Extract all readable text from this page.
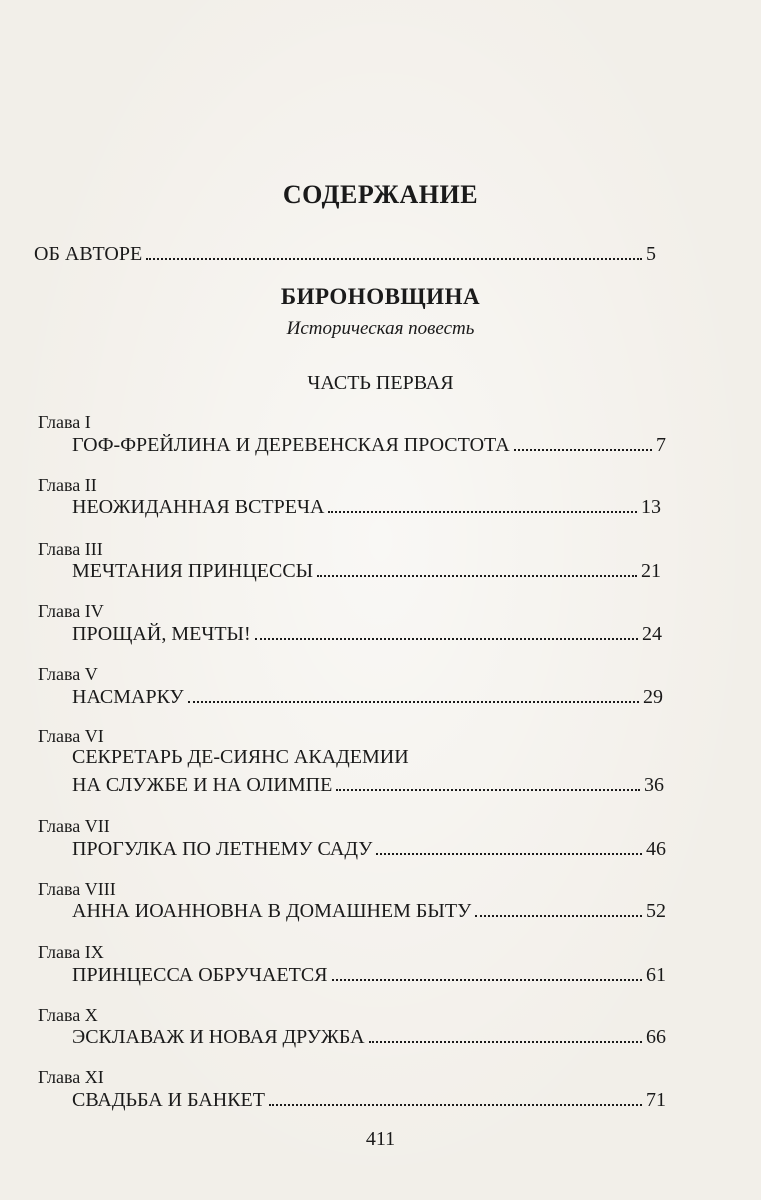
СОДЕРЖАНИЕ
ОБ АВТОРЕ	5
БИРОНОВЩИНА
Историческая повесть
ЧАСТЬ ПЕРВАЯ
Глава I
ГОФ-ФРЕЙЛИНА И ДЕРЕВЕНСКАЯ ПРОСТОТА	7
Глава II
НЕОЖИДАННАЯ ВСТРЕЧА	13
Глава III
МЕЧТАНИЯ ПРИНЦЕССЫ	21
Глава IV
ПРОЩАЙ, МЕЧТЫ!	24
Глава V
НАСМАРКУ	29
Глава VI
СЕКРЕТАРЬ ДЕ-СИЯНС АКАДЕМИИ
НА СЛУЖБЕ И НА ОЛИМПЕ	36
Глава VII
ПРОГУЛКА ПО ЛЕТНЕМУ САДУ	46
Глава VIII
АННА ИОАННОВНА В ДОМАШНЕМ БЫТУ	52
Глава IX
ПРИНЦЕССА ОБРУЧАЕТСЯ	61
Глава X
ЭСКЛАВАЖ И НОВАЯ ДРУЖБА	66
Глава XI
СВАДЬБА И БАНКЕТ	71
411
